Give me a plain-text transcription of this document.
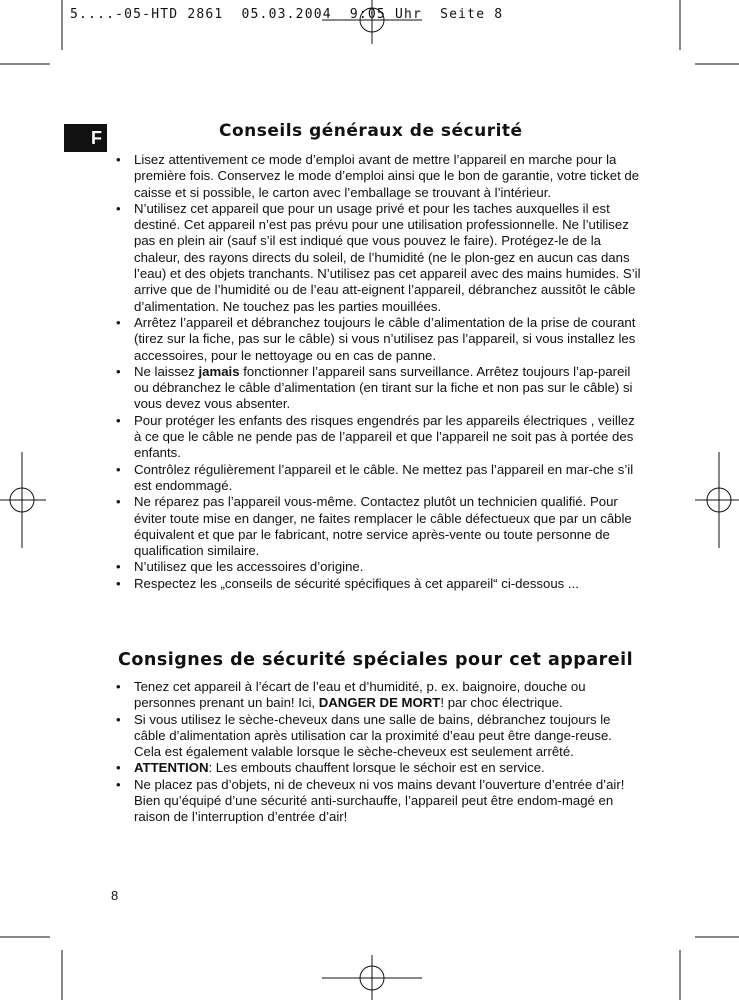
5....-05-HTD 2861  05.03.2004  9:05 Uhr  Seite 8
F	Conseils généraux de sécurité
• Lisez attentivement ce mode d’emploi avant de mettre l’appareil en marche pour la première fois. Conservez le mode d’emploi ainsi que le bon de garantie, votre ticket de caisse et si possible, le carton avec l’emballage se trouvant à l’intérieur.
• N’utilisez cet appareil que pour un usage privé et pour les taches auxquelles il est destiné. Cet appareil n’est pas prévu pour une utilisation professionnelle. Ne l’utilisez pas en plein air (sauf s’il est indiqué que vous pouvez le faire). Protégez-le de la chaleur, des rayons directs du soleil, de l’humidité (ne le plon-gez en aucun cas dans l’eau) et des objets tranchants. N’utilisez pas cet appareil avec des mains humides. S’il arrive que de l’humidité ou de l’eau att-eignent l’appareil, débranchez aussitôt le câble d’alimentation. Ne touchez pas les parties mouillées.
• Arrêtez l’appareil et débranchez toujours le câble d’alimentation de la prise de courant (tirez sur la fiche, pas sur le câble) si vous n’utilisez pas l’appareil, si vous installez les accessoires, pour le nettoyage ou en cas de panne.
• Ne laissez jamais fonctionner l’appareil sans surveillance. Arrêtez toujours l’ap-pareil ou débranchez le câble d’alimentation (en tirant sur la fiche et non pas sur le câble) si vous devez vous absenter.
• Pour protéger les enfants des risques engendrés par les appareils électriques , veillez à ce que le câble ne pende pas de l’appareil et que l’appareil ne soit pas à portée des enfants.
• Contrôlez régulièrement l’appareil et le câble. Ne mettez pas l’appareil en mar-che s’il est endommagé.
• Ne réparez pas l’appareil vous-même. Contactez plutôt un technicien qualifié. Pour éviter toute mise en danger, ne faites remplacer le câble défectueux que par un câble équivalent et que par le fabricant, notre service après-vente ou toute personne de qualification similaire.
• N’utilisez que les accessoires d’origine.
• Respectez les „conseils de sécurité spécifiques à cet appareil“ ci-dessous ...
Consignes de sécurité spéciales pour cet appareil
• Tenez cet appareil à l’écart de l’eau et d’humidité, p. ex. baignoire, douche ou personnes prenant un bain! Ici, DANGER DE MORT! par choc électrique.
• Si vous utilisez le sèche-cheveux dans une salle de bains, débranchez toujours le câble d’alimentation après utilisation car la proximité d’eau peut être dange-reuse. Cela est également valable lorsque le sèche-cheveux est seulement arrêté.
• ATTENTION: Les embouts chauffent lorsque le séchoir est en service.
• Ne placez pas d’objets, ni de cheveux ni vos mains devant l’ouverture d’entrée d’air! Bien qu’équipé d’une sécurité anti-surchauffe, l’appareil peut être endom-magé en raison de l’interruption d’entrée d’air!
8
